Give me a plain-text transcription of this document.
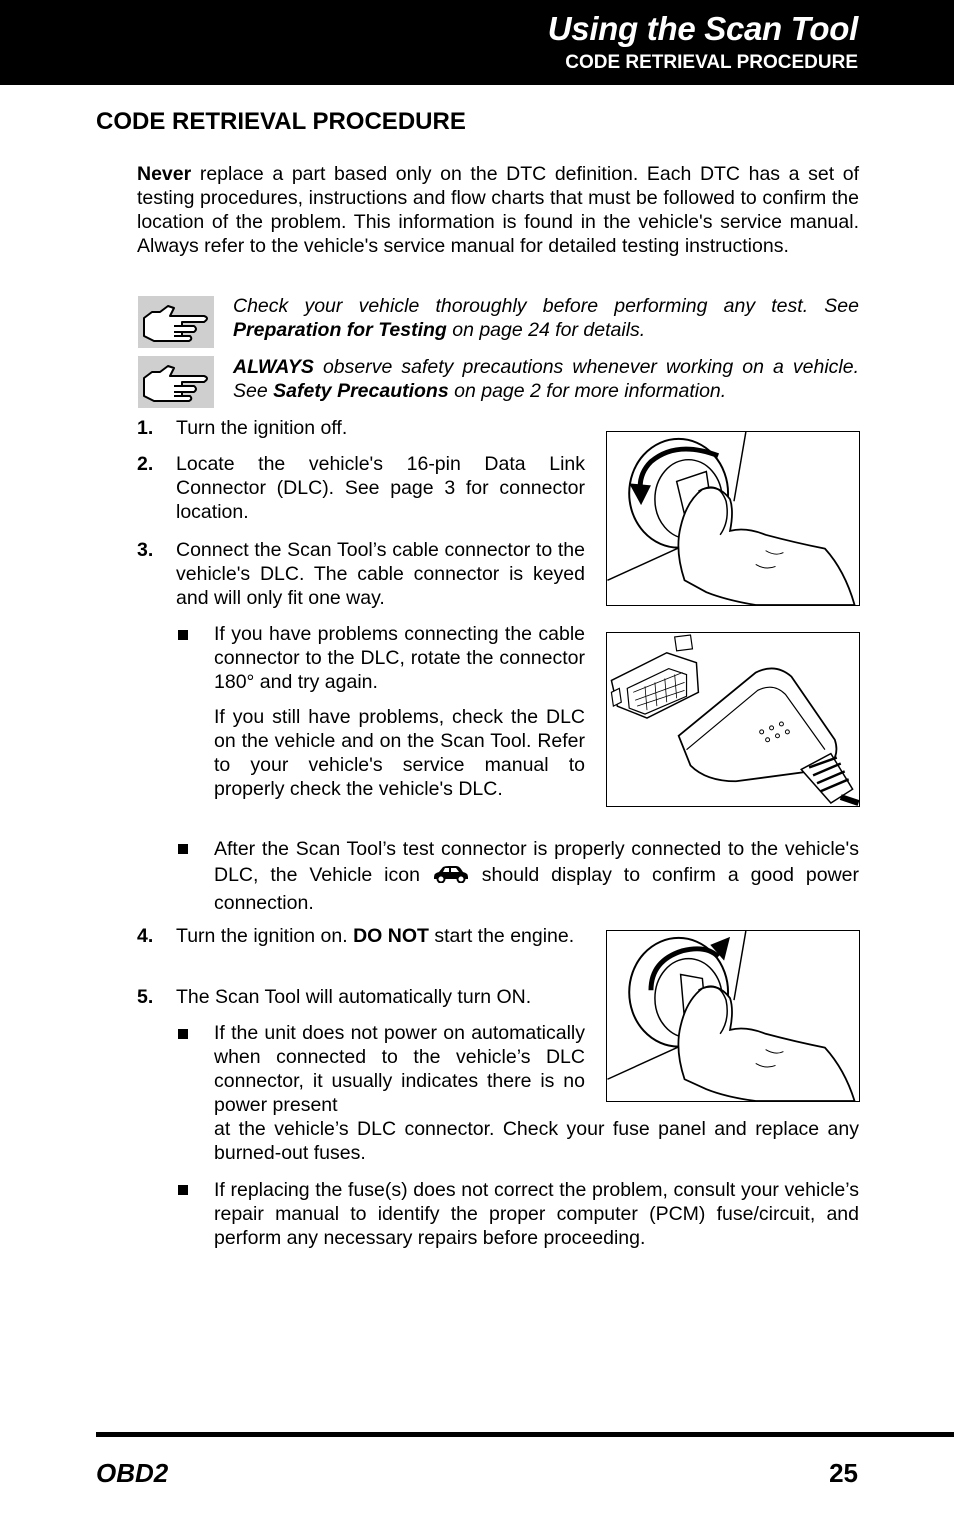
Using the Scan Tool
CODE RETRIEVAL PROCEDURE
CODE RETRIEVAL PROCEDURE

Never replace a part based only on the DTC definition. Each DTC has a set of testing procedures, instructions and flow charts that must be followed to confirm the location of the problem. This information is found in the vehicle's service manual. Always refer to the vehicle's service manual for detailed testing instructions.

Check your vehicle thoroughly before performing any test. See Preparation for Testing on page 24 for details.

ALWAYS observe safety precautions whenever working on a vehicle. See Safety Precautions on page 2 for more information.

1. Turn the ignition off.

2. Locate the vehicle's 16-pin Data Link Connector (DLC). See page 3 for connector location.

3. Connect the Scan Tool’s cable connector to the vehicle's DLC. The cable connector is keyed and will only fit one way.

If you have problems connecting the cable connector to the DLC, rotate the connector 180° and try again.

If you still have problems, check the DLC on the vehicle and on the Scan Tool. Refer to your vehicle's service manual to properly check the vehicle's DLC.

After the Scan Tool’s test connector is properly connected to the vehicle's DLC, the Vehicle icon	should display to confirm a good power connection.

4. Turn the ignition on. DO NOT start the engine.

5. The Scan Tool will automatically turn ON.

If the unit does not power on automatically when connected to the vehicle’s DLC connector, it usually indicates there is no power present

at the vehicle’s DLC connector. Check your fuse panel and replace any burned-out fuses.

If replacing the fuse(s) does not correct the problem, consult your vehicle’s repair manual to identify the proper computer (PCM) fuse/circuit, and perform any necessary repairs before proceeding.

OBD2	25
